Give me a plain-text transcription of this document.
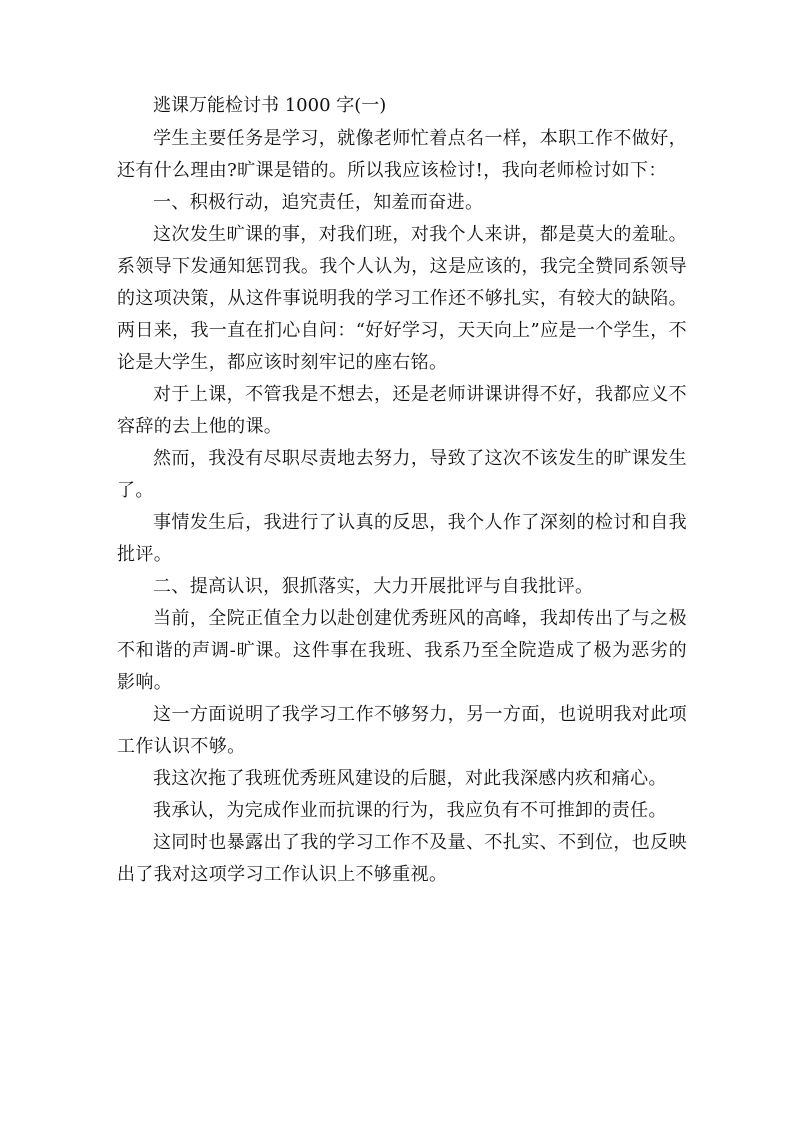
逃课万能检讨书 1000 字(一)

学生主要任务是学习，就像老师忙着点名一样，本职工作不做好，还有什么理由?旷课是错的。所以我应该检讨!，我向老师检讨如下：

一、积极行动，追究责任，知羞而奋进。

这次发生旷课的事，对我们班，对我个人来讲，都是莫大的羞耻。系领导下发通知惩罚我。我个人认为，这是应该的，我完全赞同系领导的这项决策，从这件事说明我的学习工作还不够扎实，有较大的缺陷。两日来，我一直在扪心自问：“好好学习，天天向上”应是一个学生，不论是大学生，都应该时刻牢记的座右铭。

对于上课，不管我是不想去，还是老师讲课讲得不好，我都应义不容辞的去上他的课。

然而，我没有尽职尽责地去努力，导致了这次不该发生的旷课发生了。

事情发生后，我进行了认真的反思，我个人作了深刻的检讨和自我批评。

二、提高认识，狠抓落实，大力开展批评与自我批评。

当前，全院正值全力以赴创建优秀班风的高峰，我却传出了与之极不和谐的声调-旷课。这件事在我班、我系乃至全院造成了极为恶劣的影响。

这一方面说明了我学习工作不够努力，另一方面，也说明我对此项工作认识不够。

我这次拖了我班优秀班风建设的后腿，对此我深感内疚和痛心。

我承认，为完成作业而抗课的行为，我应负有不可推卸的责任。

这同时也暴露出了我的学习工作不及量、不扎实、不到位，也反映出了我对这项学习工作认识上不够重视。
